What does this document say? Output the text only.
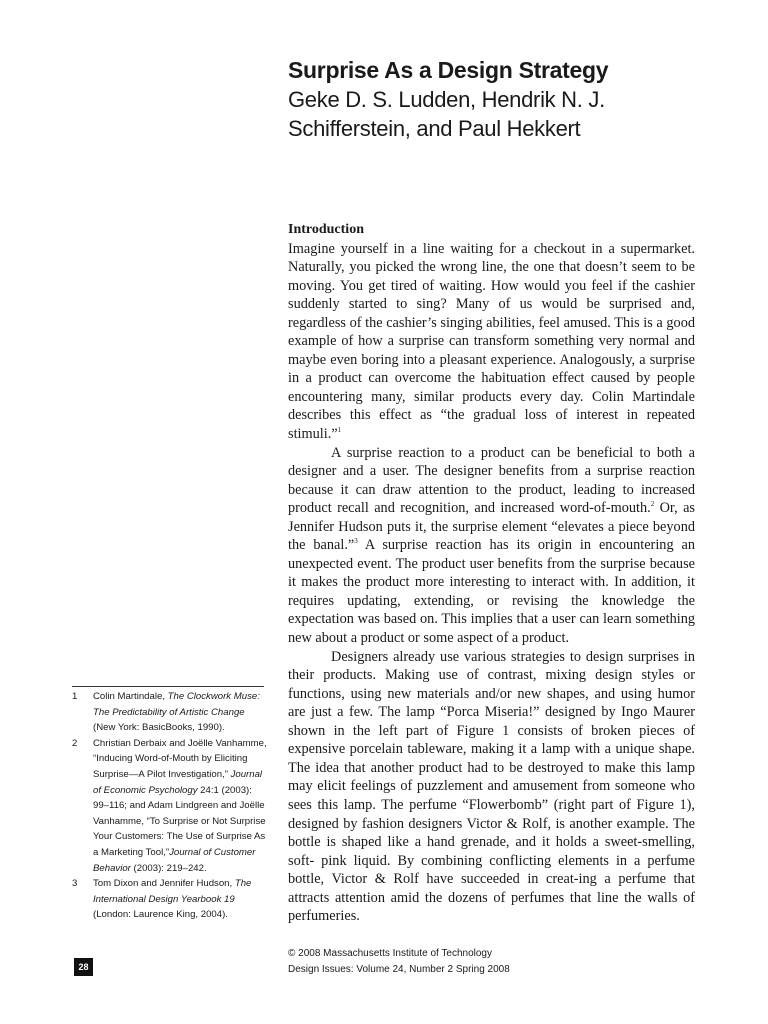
Surprise As a Design Strategy

Geke D. S. Ludden, Hendrik N. J.

Schifferstein, and Paul Hekkert

Introduction

Imagine yourself in a line waiting for a checkout in a supermarket. Naturally, you picked the wrong line, the one that doesn’t seem to be moving. You get tired of waiting. How would you feel if the cashier suddenly started to sing? Many of us would be surprised and, regardless of the cashier’s singing abilities, feel amused. This is a good example of how a surprise can transform something very normal and maybe even boring into a pleasant experience. Analogously, a surprise in a product can overcome the habituation effect caused by people encountering many, similar products every day. Colin Martindale describes this effect as “the gradual loss of interest in repeated stimuli.”$^1$

A surprise reaction to a product can be beneficial to both a designer and a user. The designer benefits from a surprise reaction because it can draw attention to the product, leading to increased product recall and recognition, and increased word-of-mouth.$^2$ Or, as Jennifer Hudson puts it, the surprise element “elevates a piece beyond the banal.”$^3$ A surprise reaction has its origin in encountering an unexpected event. The product user benefits from the surprise because it makes the product more interesting to interact with. In addition, it requires updating, extending, or revising the knowledge the expectation was based on. This implies that a user can learn something new about a product or some aspect of a product.

Designers already use various strategies to design surprises in their products. Making use of contrast, mixing design styles or functions, using new materials and/or new shapes, and using humor are just a few. The lamp “Porca Miseria!” designed by Ingo Maurer shown in the left part of Figure 1 consists of broken pieces of expensive porcelain tableware, making it a lamp with a unique shape. The idea that another product had to be destroyed to make this lamp may elicit feelings of puzzlement and amusement from someone who sees this lamp. The perfume “Flowerbomb” (right part of Figure 1), designed by fashion designers Victor & Rolf, is another example. The bottle is shaped like a hand grenade, and it holds a sweet-smelling, soft- pink liquid. By combining conflicting elements in a perfume bottle, Victor & Rolf have succeeded in creat-ing a perfume that attracts attention amid the dozens of perfumes that line the walls of perfumeries.

1	Colin Martindale, The Clockwork Muse: The Predictability of Artistic Change (New York: BasicBooks, 1990).
2	Christian Derbaix and Joëlle Vanhamme, “Inducing Word-of-Mouth by Eliciting Surprise—A Pilot Investigation,” Journal of Economic Psychology 24:1 (2003): 99–116; and Adam Lindgreen and Joëlle Vanhamme, “To Surprise or Not Surprise Your Customers: The Use of Surprise As a Marketing Tool,”Journal of Customer Behavior (2003): 219–242.
3	Tom Dixon and Jennifer Hudson, The International Design Yearbook 19 (London: Laurence King, 2004).
28
© 2008 Massachusetts Institute of Technology
Design Issues: Volume 24, Number 2 Spring 2008
